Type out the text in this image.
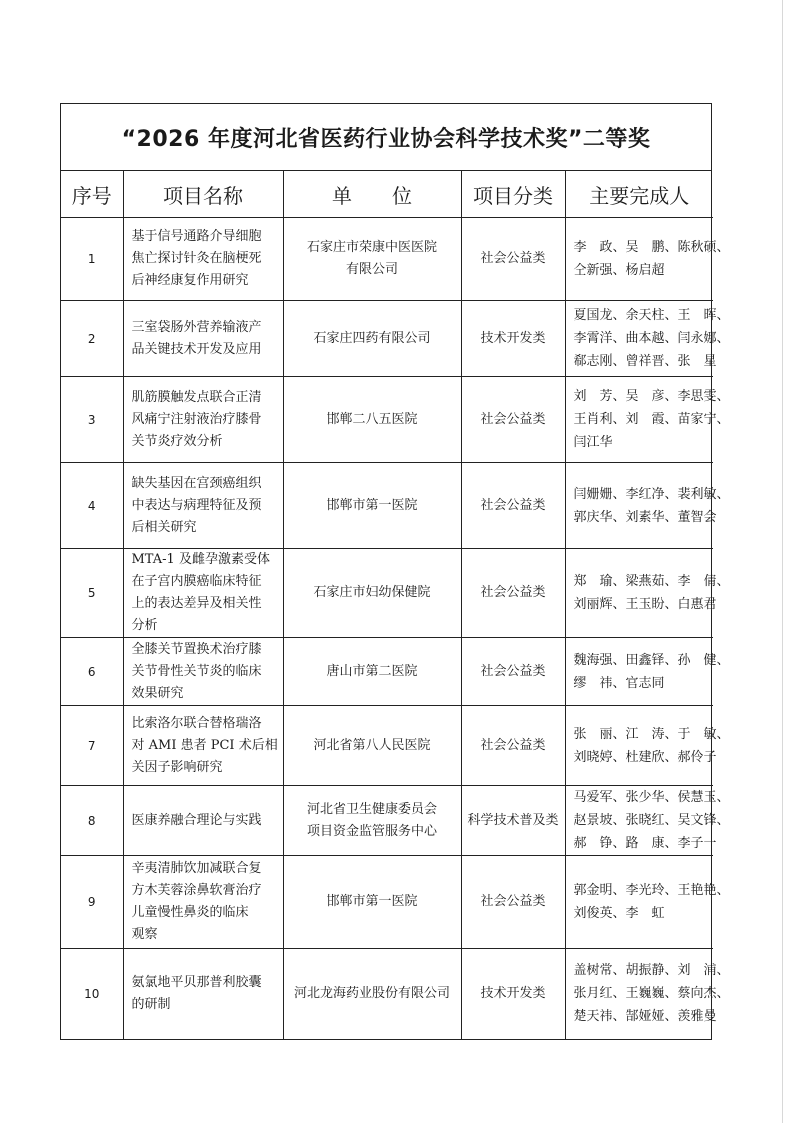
“2026 年度河北省医药行业协会科学技术奖”二等奖
序号	项目名称	单　　位	项目分类	主要完成人
1	基于信号通路介导细胞
焦亡探讨针灸在脑梗死
后神经康复作用研究	石家庄市荣康中医医院
有限公司	社会公益类	李　政、吴　鹏、陈秋硕、
仝新强、杨启超

2	三室袋肠外营养输液产
品关键技术开发及应用	石家庄四药有限公司	技术开发类	夏国龙、余天柱、王　晖、
李霄洋、曲本越、闫永娜、
郗志刚、曾祥晋、张　星

3	肌筋膜触发点联合正清
风痛宁注射液治疗膝骨
关节炎疗效分析	邯郸二八五医院	社会公益类	刘　芳、吴　彦、李思雯、
王肖利、刘　霞、苗家宁、
闫江华

4	缺失基因在宫颈癌组织
中表达与病理特征及预
后相关研究	邯郸市第一医院	社会公益类	闫姗姗、李红净、裴利敏、
郭庆华、刘素华、董智会

5	MTA-1 及雌孕激素受体
在子宫内膜癌临床特征
上的表达差异及相关性
分析	石家庄市妇幼保健院	社会公益类	郑　瑜、梁燕茹、李　倩、
刘丽辉、王玉盼、白惠君

6	全膝关节置换术治疗膝
关节骨性关节炎的临床
效果研究	唐山市第二医院	社会公益类	魏海强、田鑫铎、孙　健、
缪　祎、官志同

7	比索洛尔联合替格瑞洛
对 AMI 患者 PCI 术后相
关因子影响研究	河北省第八人民医院	社会公益类	张　丽、江　涛、于　敏、
刘晓婷、杜建欣、郝伶子

8	医康养融合理论与实践	河北省卫生健康委员会
项目资金监管服务中心	科学技术普及类	马爱军、张少华、侯慧玉、
赵景坡、张晓红、吴文锋、
郝　铮、路　康、李子一

9	辛夷清肺饮加减联合复
方木芙蓉涂鼻软膏治疗
儿童慢性鼻炎的临床
观察	邯郸市第一医院	社会公益类	郭金明、李光玲、王艳艳、
刘俊英、李　虹

10	氨氯地平贝那普利胶囊
的研制	河北龙海药业股份有限公司	技术开发类	盖树常、胡振静、刘　浦、
张月红、王巍巍、蔡向杰、
楚天祎、郜娅娅、羡雅曼
